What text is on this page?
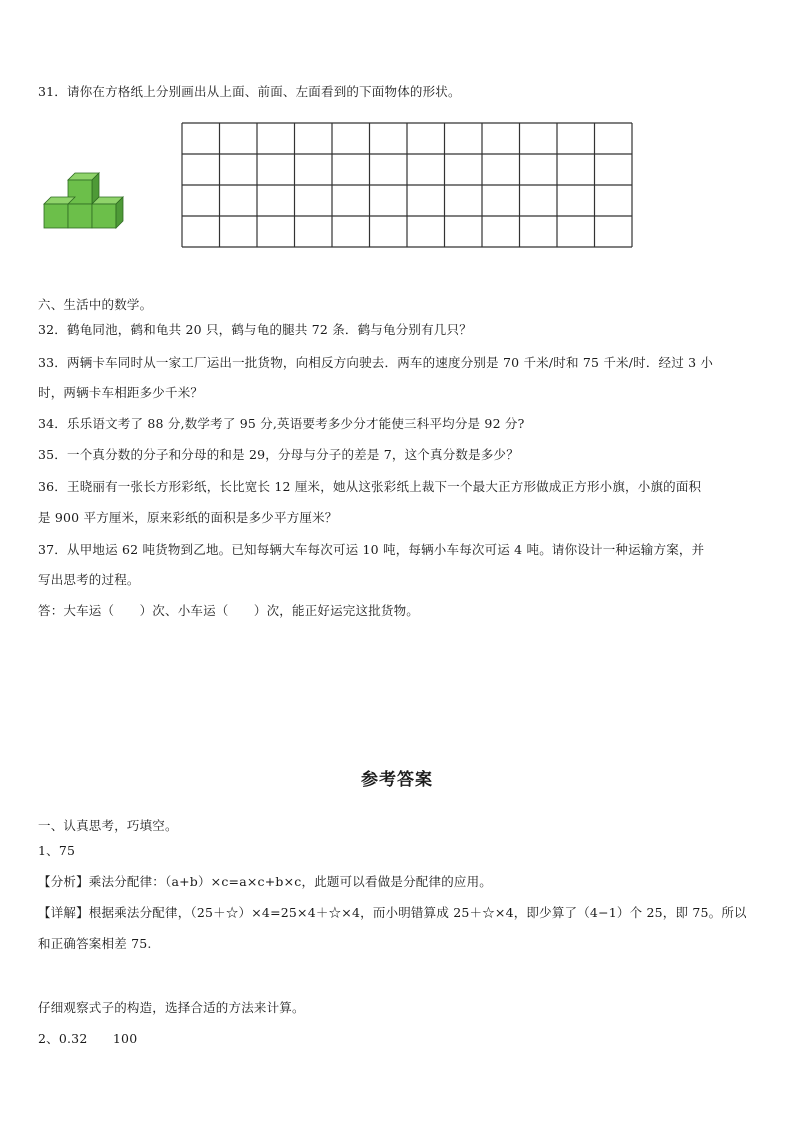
31．请你在方格纸上分别画出从上面、前面、左面看到的下面物体的形状。
六、生活中的数学。
32．鹤龟同池，鹤和龟共 20 只，鹤与龟的腿共 72 条．鹤与龟分别有几只？
33．两辆卡车同时从一家工厂运出一批货物，向相反方向驶去．两车的速度分别是 70 千米/时和 75 千米/时．经过 3 小
时，两辆卡车相距多少千米？
34．乐乐语文考了 88 分,数学考了 95 分,英语要考多少分才能使三科平均分是 92 分?
35．一个真分数的分子和分母的和是 29，分母与分子的差是 7，这个真分数是多少？
36．王晓丽有一张长方形彩纸，长比宽长 12 厘米，她从这张彩纸上裁下一个最大正方形做成正方形小旗，小旗的面积
是 900 平方厘米，原来彩纸的面积是多少平方厘米？
37．从甲地运 62 吨货物到乙地。已知每辆大车每次可运 10 吨，每辆小车每次可运 4 吨。请你设计一种运输方案，并
写出思考的过程。
答：大车运（　　）次、小车运（　　）次，能正好运完这批货物。
参考答案
一、认真思考，巧填空。
1、75
【分析】乘法分配律：（a+b）×c=a×c+b×c，此题可以看做是分配律的应用。
【详解】根据乘法分配律，（25＋☆）×4=25×4＋☆×4，而小明错算成 25＋☆×4，即少算了（4−1）个 25，即 75。所以
和正确答案相差 75.
仔细观察式子的构造，选择合适的方法来计算。
2、0.32　　100
